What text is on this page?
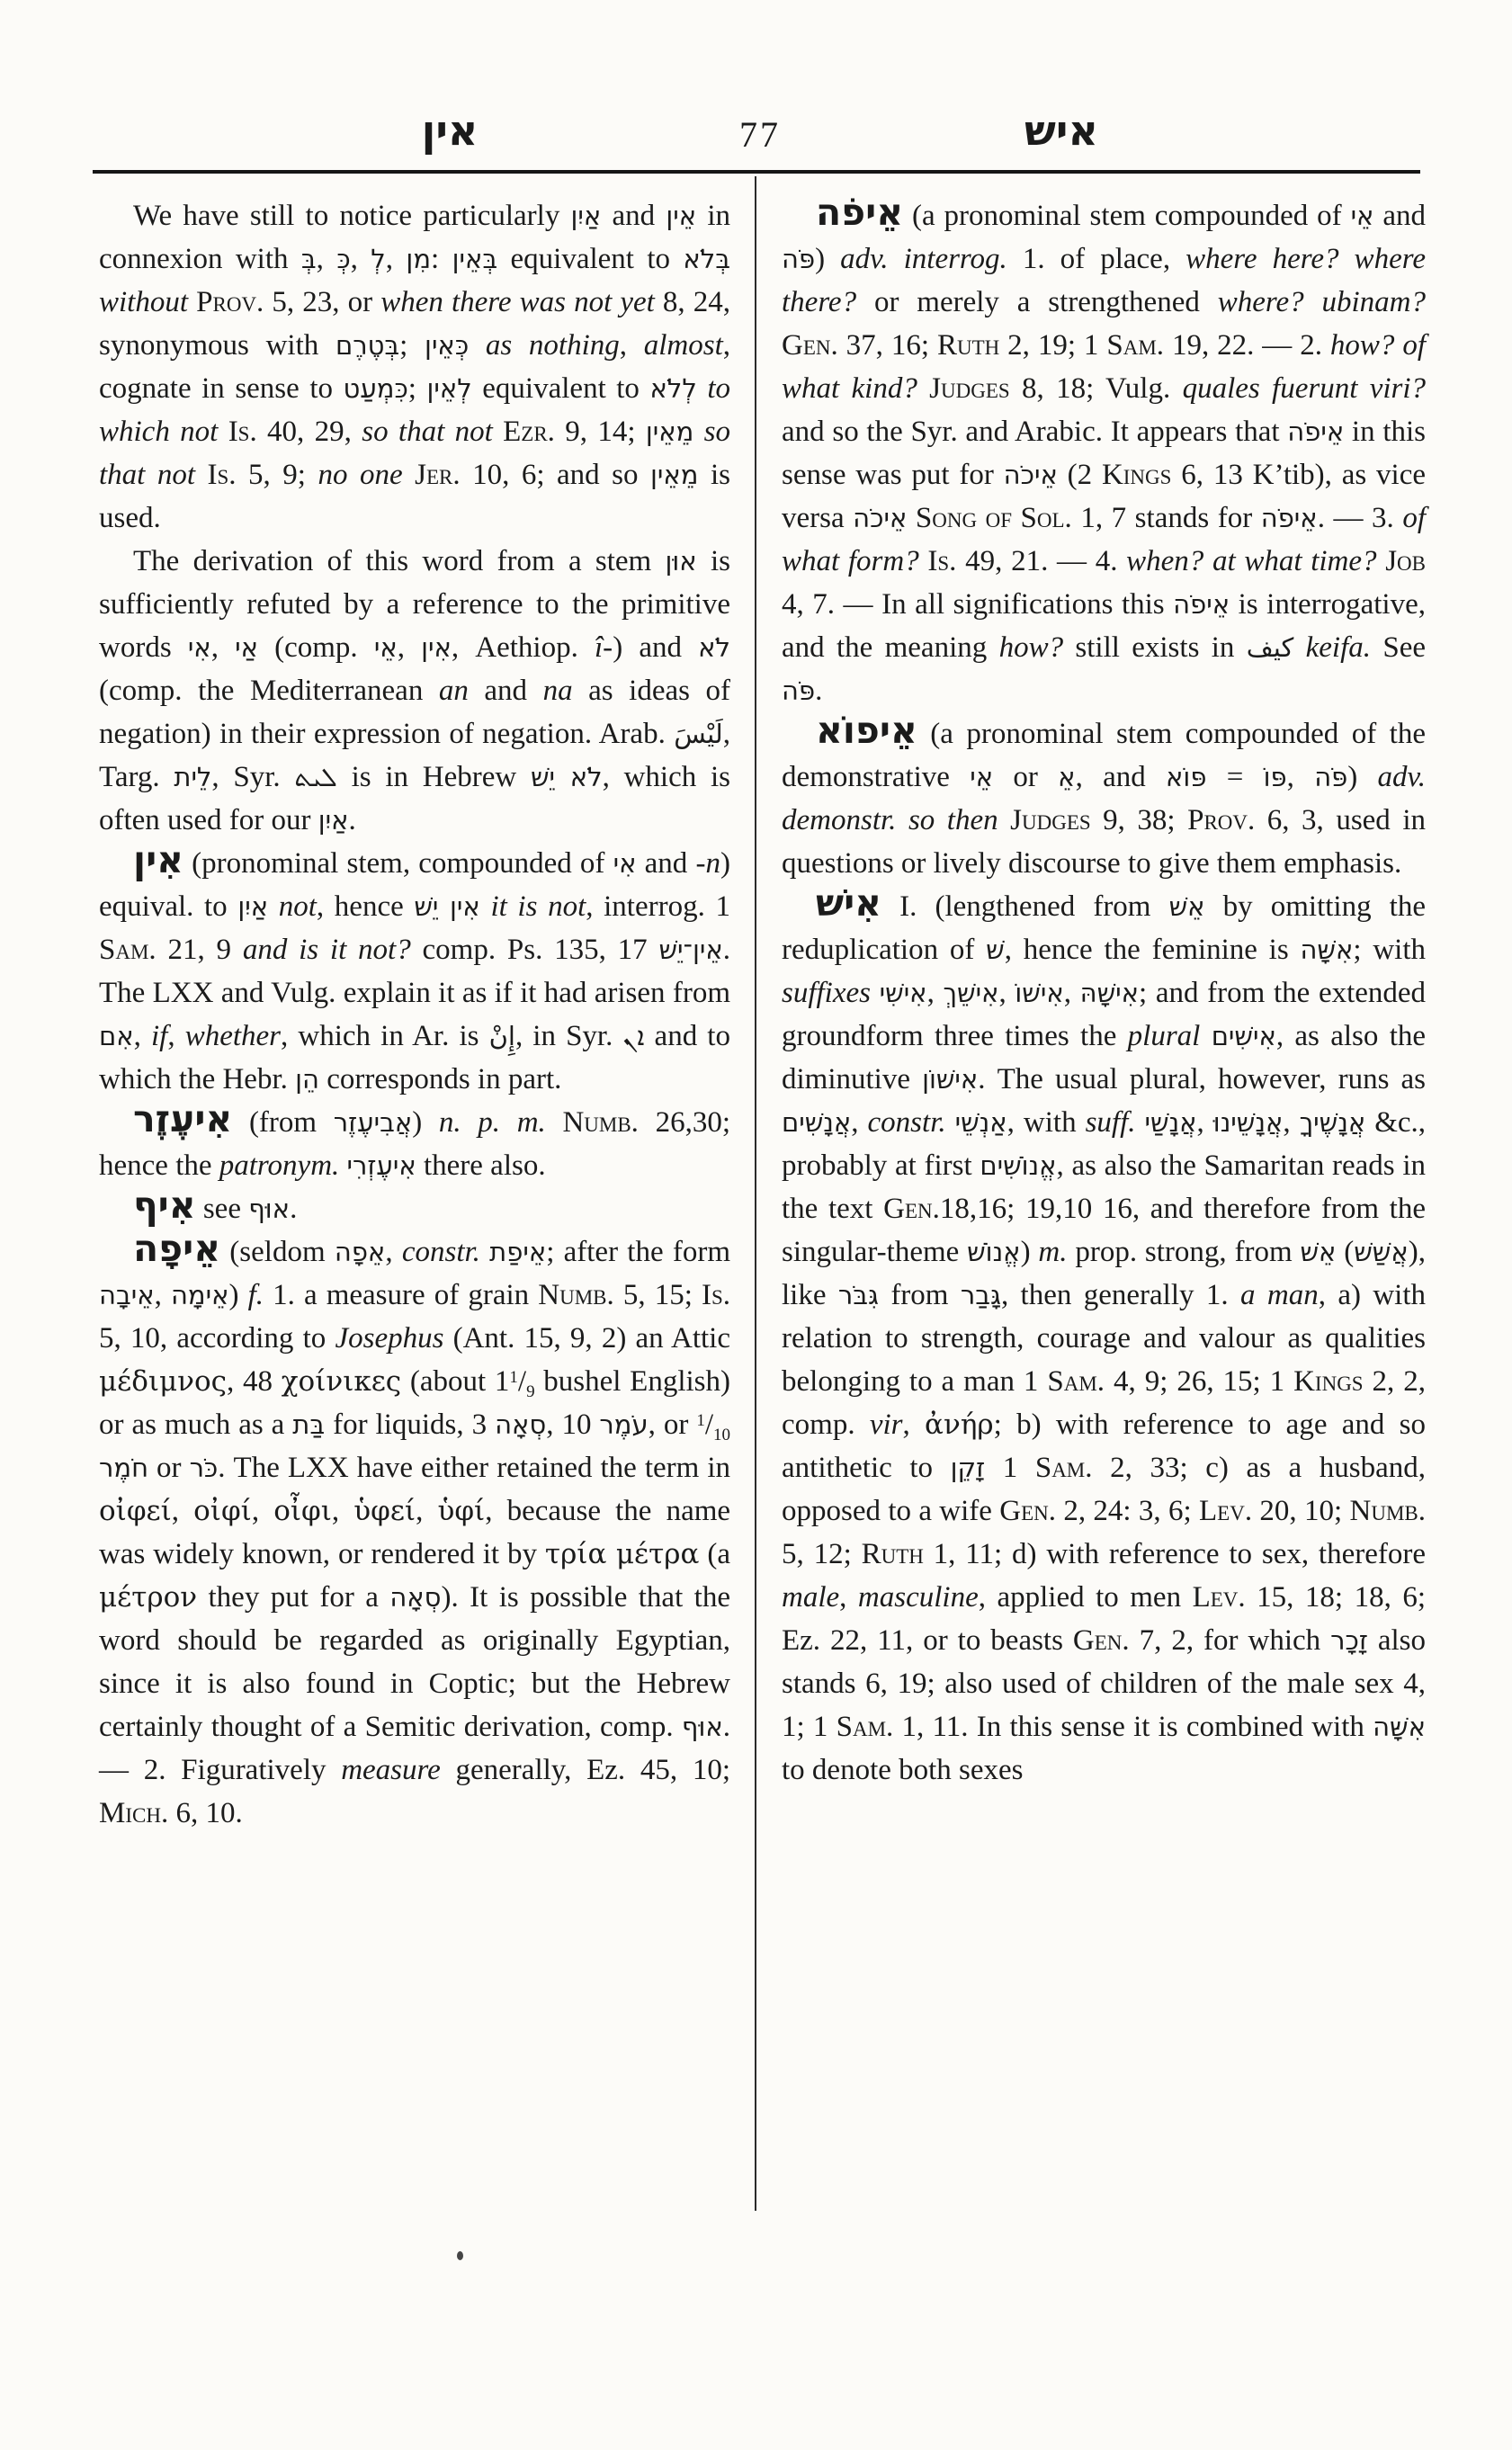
אין	77	איש

We have still to notice particularly אַיִן and אֵין in connexion with בְּ, כְּ, לְ, מִן: בְּאֵין equivalent to בְּלֹא without Prov. 5, 23, or when there was not yet 8, 24, synonymous with בְּטֶרֶם; כְּאֵין as nothing, almost, cognate in sense to כִּמְעַט; לְאֵין equivalent to לְלֹא to which not Is. 40, 29, so that not Ezr. 9, 14; מֵאֵין so that not Is. 5, 9; no one Jer. 10, 6; and so מֵאֵין is used.

The derivation of this word from a stem אוּן is sufficiently refuted by a reference to the primitive words אִי, אַי (comp. אֵי, אִין, Aethiop. î-) and לֹא (comp. the Mediterranean an and na as ideas of negation) in their expression of negation. Arab. لَيْسَ, Targ. לֵית, Syr. ܠܝܬ is in Hebrew לֹא יֵשׁ, which is often used for our אַיִן.

אִין (pronominal stem, compounded of אִי and -n) equival. to אַיִן not, hence אִין יֵשׁ it is not, interrog. 1 Sam. 21, 9 and is it not? comp. Ps. 135, 17 אֵין־יֵשׁ. The LXX and Vulg. explain it as if it had arisen from אִם, if, whether, which in Ar. is إِنْ, in Syr. ܐܢ and to which the Hebr. הֵן corresponds in part.

אִיעֶזֶר (from אֲבִיעֶזֶר) n. p. m. Numb. 26,30; hence the patronym. אִיעֶזְרִי there also.

אִיף see אוּף.

אֵיפָה (seldom אֵפָה, constr. אֵיפַת; after the form אֵיבָה, אֵימָה) f. 1. a measure of grain Numb. 5, 15; Is. 5, 10, according to Josephus (Ant. 15, 9, 2) an Attic μέδιμνος, 48 χοίνικες (about $1^1/_9$ bushel English) or as much as a בַּת for liquids, 3 סְאָה, 10 עֹמֶר, or $^1/_{10}$ חֹמֶר or כֹּר. The LXX have either retained the term in οἰφεί, οἰφί, οἶφι, ὑφεί, ὑφί, because the name was widely known, or rendered it by τρία μέτρα (a μέτρον they put for a סְאָה). It is possible that the word should be regarded as originally Egyptian, since it is also found in Coptic; but the Hebrew certainly thought of a Semitic derivation, comp. אוּף. — 2. Figuratively measure generally, Ez. 45, 10; Mich. 6, 10.

אֵיפֹה (a pronominal stem compounded of אֵי and פֹּה) adv. interrog. 1. of place, where here? where there? or merely a strengthened where? ubinam? Gen. 37, 16; Ruth 2, 19; 1 Sam. 19, 22. — 2. how? of what kind? Judges 8, 18; Vulg. quales fuerunt viri? and so the Syr. and Arabic. It appears that אֵיפֹה in this sense was put for אֵיכֹה (2 Kings 6, 13 K’tib), as vice versa אֵיכֹה Song of Sol. 1, 7 stands for אֵיפֹה. — 3. of what form? Is. 49, 21. — 4. when? at what time? Job 4, 7. — In all significations this אֵיפֹה is interrogative, and the meaning how? still exists in كيف keifa. See פֹּה.

אֵיפוֹא (a pronominal stem compounded of the demonstrative אֵי or אֵ, and פּוֹא = פּוֹ, פֹּה) adv. demonstr. so then Judges 9, 38; Prov. 6, 3, used in questions or lively discourse to give them emphasis.

אִישׁ I. (lengthened from אֵשׁ by omitting the reduplication of שׁ, hence the feminine is אִשָּׁה; with suffixes אִישִׁי, אִישֵׁךְ, אִישׁוֹ, אִישָׁהּ; and from the extended groundform three times the plural אִישִׁים, as also the diminutive אִישׁוֹן. The usual plural, however, runs as אֲנָשִׁים, constr. אַנְשֵׁי, with suff. אֲנָשַׁי, אֲנָשֵׁינוּ, אֲנָשֶׁיךָ &c., probably at first אֱנוֹשִׁים, as also the Samaritan reads in the text Gen.18,16; 19,10 16, and therefore from the singular-theme אֱנוֹשׁ) m. prop. strong, from אֵשׁ (אֲשַׁשׁ), like גִּבֹּר from גָּבַר, then generally 1. a man, a) with relation to strength, courage and valour as qualities belonging to a man 1 Sam. 4, 9; 26, 15; 1 Kings 2, 2, comp. vir, ἀνήρ; b) with reference to age and so antithetic to זָקֵן 1 Sam. 2, 33; c) as a husband, opposed to a wife Gen. 2, 24: 3, 6; Lev. 20, 10; Numb. 5, 12; Ruth 1, 11; d) with reference to sex, therefore male, masculine, applied to men Lev. 15, 18; 18, 6; Ez. 22, 11, or to beasts Gen. 7, 2, for which זָכָר also stands 6, 19; also used of children of the male sex 4, 1; 1 Sam. 1, 11. In this sense it is combined with אִשָּׁה to denote both sexes
